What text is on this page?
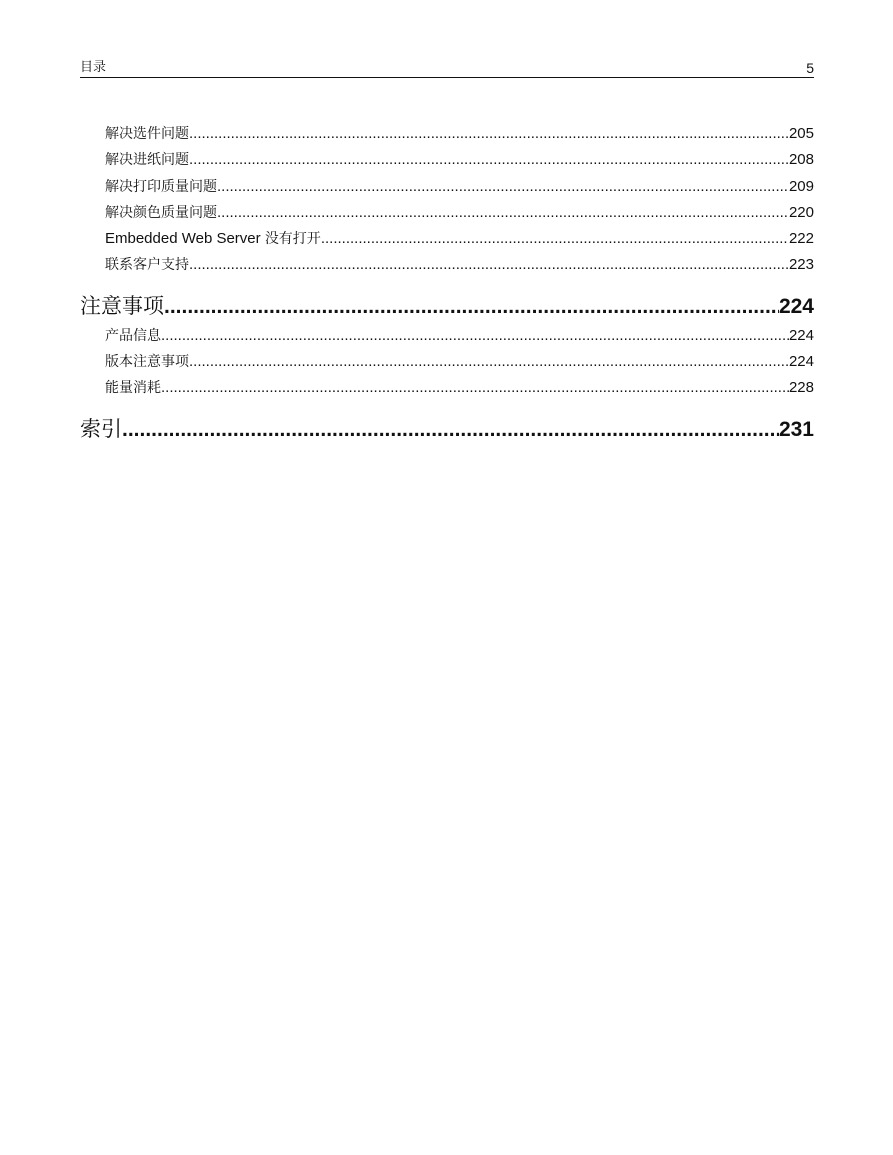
目录	5
解决选件问题 .....	205
解决进纸问题 .....	208
解决打印质量问题 .....	209
解决颜色质量问题 .....	220
Embedded Web Server 没有打开 .....	222
联系客户支持 .....	223
注意事项 .....	224
产品信息 .....	224
版本注意事项 .....	224
能量消耗 .....	228
索引 .....	231
